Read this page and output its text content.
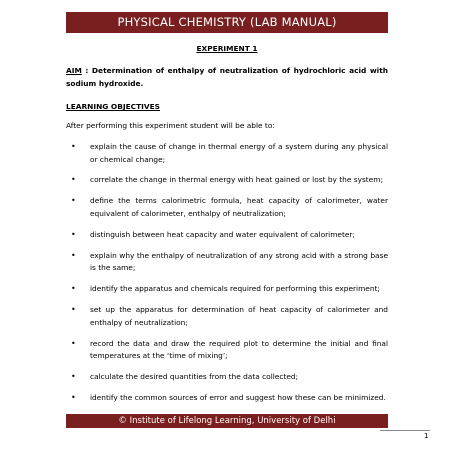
PHYSICAL CHEMISTRY (LAB MANUAL)

EXPERIMENT 1

AIM : Determination of enthalpy of neutralization of hydrochloric acid with sodium hydroxide.
LEARNING OBJECTIVES
After performing this experiment student will be able to:
• explain the cause of change in thermal energy of a system during any physical or chemical change;
• correlate the change in thermal energy with heat gained or lost by the system;
• define the terms calorimetric formula, heat capacity of calorimeter, water equivalent of calorimeter, enthalpy of neutralization;
• distinguish between heat capacity and water equivalent of calorimeter;
• explain why the enthalpy of neutralization of any strong acid with a strong base is the same;
• identify the apparatus and chemicals required for performing this experiment;
• set up the apparatus for determination of heat capacity of calorimeter and enthalpy of neutralization;
• record the data and draw the required plot to determine the initial and final temperatures at the ‘time of mixing’;
• calculate the desired quantities from the data collected;
• identify the common sources of error and suggest how these can be minimized.
© Institute of Lifelong Learning, University of Delhi
1
